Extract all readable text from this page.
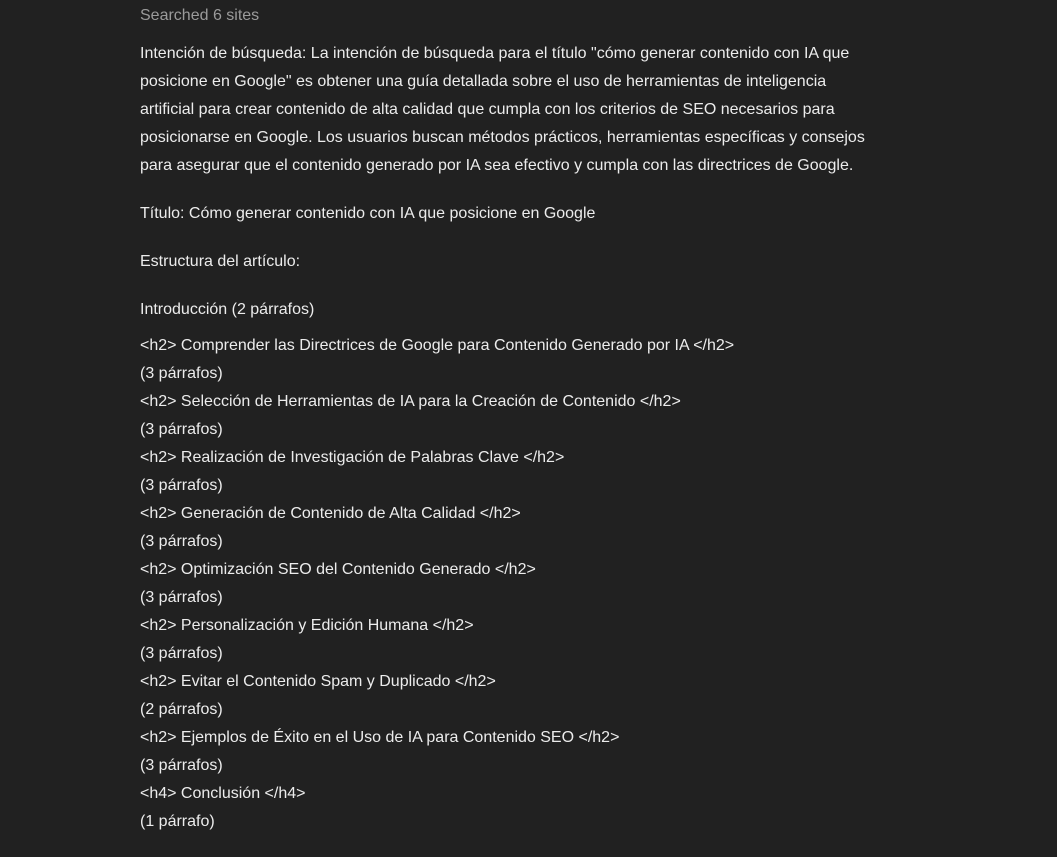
Searched 6 sites

Intención de búsqueda: La intención de búsqueda para el título "cómo generar contenido con IA que posicione en Google" es obtener una guía detallada sobre el uso de herramientas de inteligencia artificial para crear contenido de alta calidad que cumpla con los criterios de SEO necesarios para posicionarse en Google. Los usuarios buscan métodos prácticos, herramientas específicas y consejos para asegurar que el contenido generado por IA sea efectivo y cumpla con las directrices de Google.

Título: Cómo generar contenido con IA que posicione en Google

Estructura del artículo:

Introducción (2 párrafos)

<h2> Comprender las Directrices de Google para Contenido Generado por IA </h2>
(3 párrafos)
<h2> Selección de Herramientas de IA para la Creación de Contenido </h2>
(3 párrafos)
<h2> Realización de Investigación de Palabras Clave </h2>
(3 párrafos)
<h2> Generación de Contenido de Alta Calidad </h2>
(3 párrafos)
<h2> Optimización SEO del Contenido Generado </h2>
(3 párrafos)
<h2> Personalización y Edición Humana </h2>
(3 párrafos)
<h2> Evitar el Contenido Spam y Duplicado </h2>
(2 párrafos)
<h2> Ejemplos de Éxito en el Uso de IA para Contenido SEO </h2>
(3 párrafos)
<h4> Conclusión </h4>
(1 párrafo)
